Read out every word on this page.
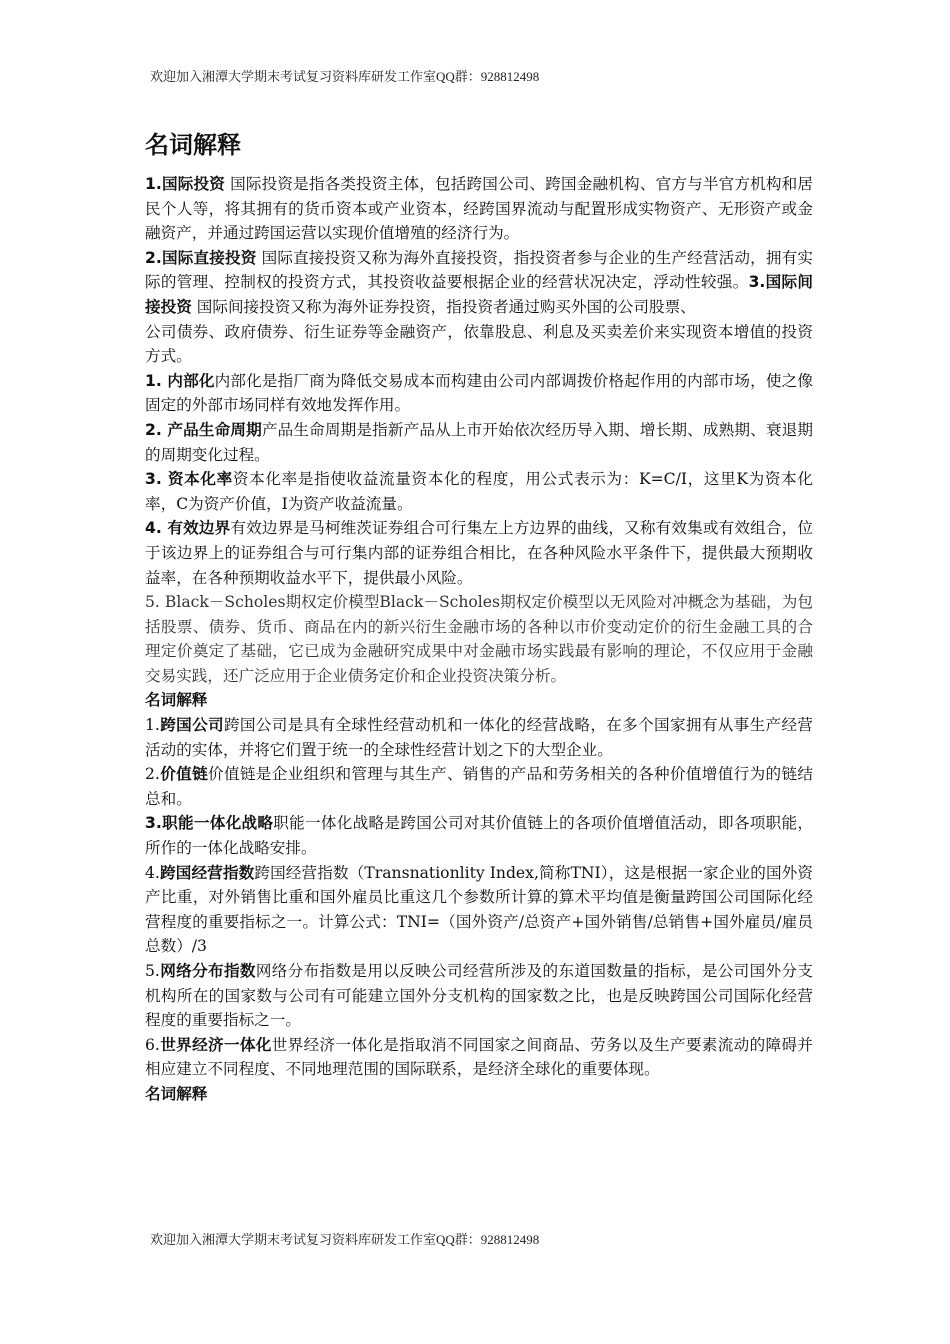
欢迎加入湘潭大学期末考试复习资料库研发工作室QQ群：928812498
名词解释

1.国际投资 国际投资是指各类投资主体，包括跨国公司、跨国金融机构、官方与半官方机构和居民个人等，将其拥有的货币资本或产业资本，经跨国界流动与配置形成实物资产、无形资产或金融资产，并通过跨国运营以实现价值增殖的经济行为。
2.国际直接投资 国际直接投资又称为海外直接投资，指投资者参与企业的生产经营活动，拥有实际的管理、控制权的投资方式，其投资收益要根据企业的经营状况决定，浮动性较强。3.国际间接投资 国际间接投资又称为海外证券投资，指投资者通过购买外国的公司股票、

公司债券、政府债券、衍生证券等金融资产，依靠股息、利息及买卖差价来实现资本增值的投资方式。

1. 内部化内部化是指厂商为降低交易成本而构建由公司内部调拨价格起作用的内部市场，使之像固定的外部市场同样有效地发挥作用。

2. 产品生命周期产品生命周期是指新产品从上市开始依次经历导入期、增长期、成熟期、衰退期的周期变化过程。

3. 资本化率资本化率是指使收益流量资本化的程度，用公式表示为：K=C/I，这里K为资本化率，C为资产价值，I为资产收益流量。

4. 有效边界有效边界是马柯维茨证券组合可行集左上方边界的曲线，又称有效集或有效组合，位于该边界上的证券组合与可行集内部的证券组合相比，在各种风险水平条件下，提供最大预期收益率，在各种预期收益水平下，提供最小风险。

5. Black－Scholes期权定价模型Black－Scholes期权定价模型以无风险对冲概念为基础，为包括股票、债券、货币、商品在内的新兴衍生金融市场的各种以市价变动定价的衍生金融工具的合理定价奠定了基础，它已成为金融研究成果中对金融市场实践最有影响的理论，不仅应用于金融交易实践，还广泛应用于企业债务定价和企业投资决策分析。

名词解释

1.跨国公司跨国公司是具有全球性经营动机和一体化的经营战略，在多个国家拥有从事生产经营活动的实体，并将它们置于统一的全球性经营计划之下的大型企业。

2.价值链价值链是企业组织和管理与其生产、销售的产品和劳务相关的各种价值增值行为的链结总和。

3.职能一体化战略职能一体化战略是跨国公司对其价值链上的各项价值增值活动，即各项职能，所作的一体化战略安排。

4.跨国经营指数跨国经营指数（Transnationlity Index,简称TNI），这是根据一家企业的国外资产比重，对外销售比重和国外雇员比重这几个参数所计算的算术平均值是衡量跨国公司国际化经营程度的重要指标之一。计算公式：TNI=（国外资产/总资产+国外销售/总销售+国外雇员/雇员总数）/3

5.网络分布指数网络分布指数是用以反映公司经营所涉及的东道国数量的指标，是公司国外分支机构所在的国家数与公司有可能建立国外分支机构的国家数之比，也是反映跨国公司国际化经营程度的重要指标之一。

6.世界经济一体化世界经济一体化是指取消不同国家之间商品、劳务以及生产要素流动的障碍并相应建立不同程度、不同地理范围的国际联系，是经济全球化的重要体现。

名词解释
欢迎加入湘潭大学期末考试复习资料库研发工作室QQ群：928812498
